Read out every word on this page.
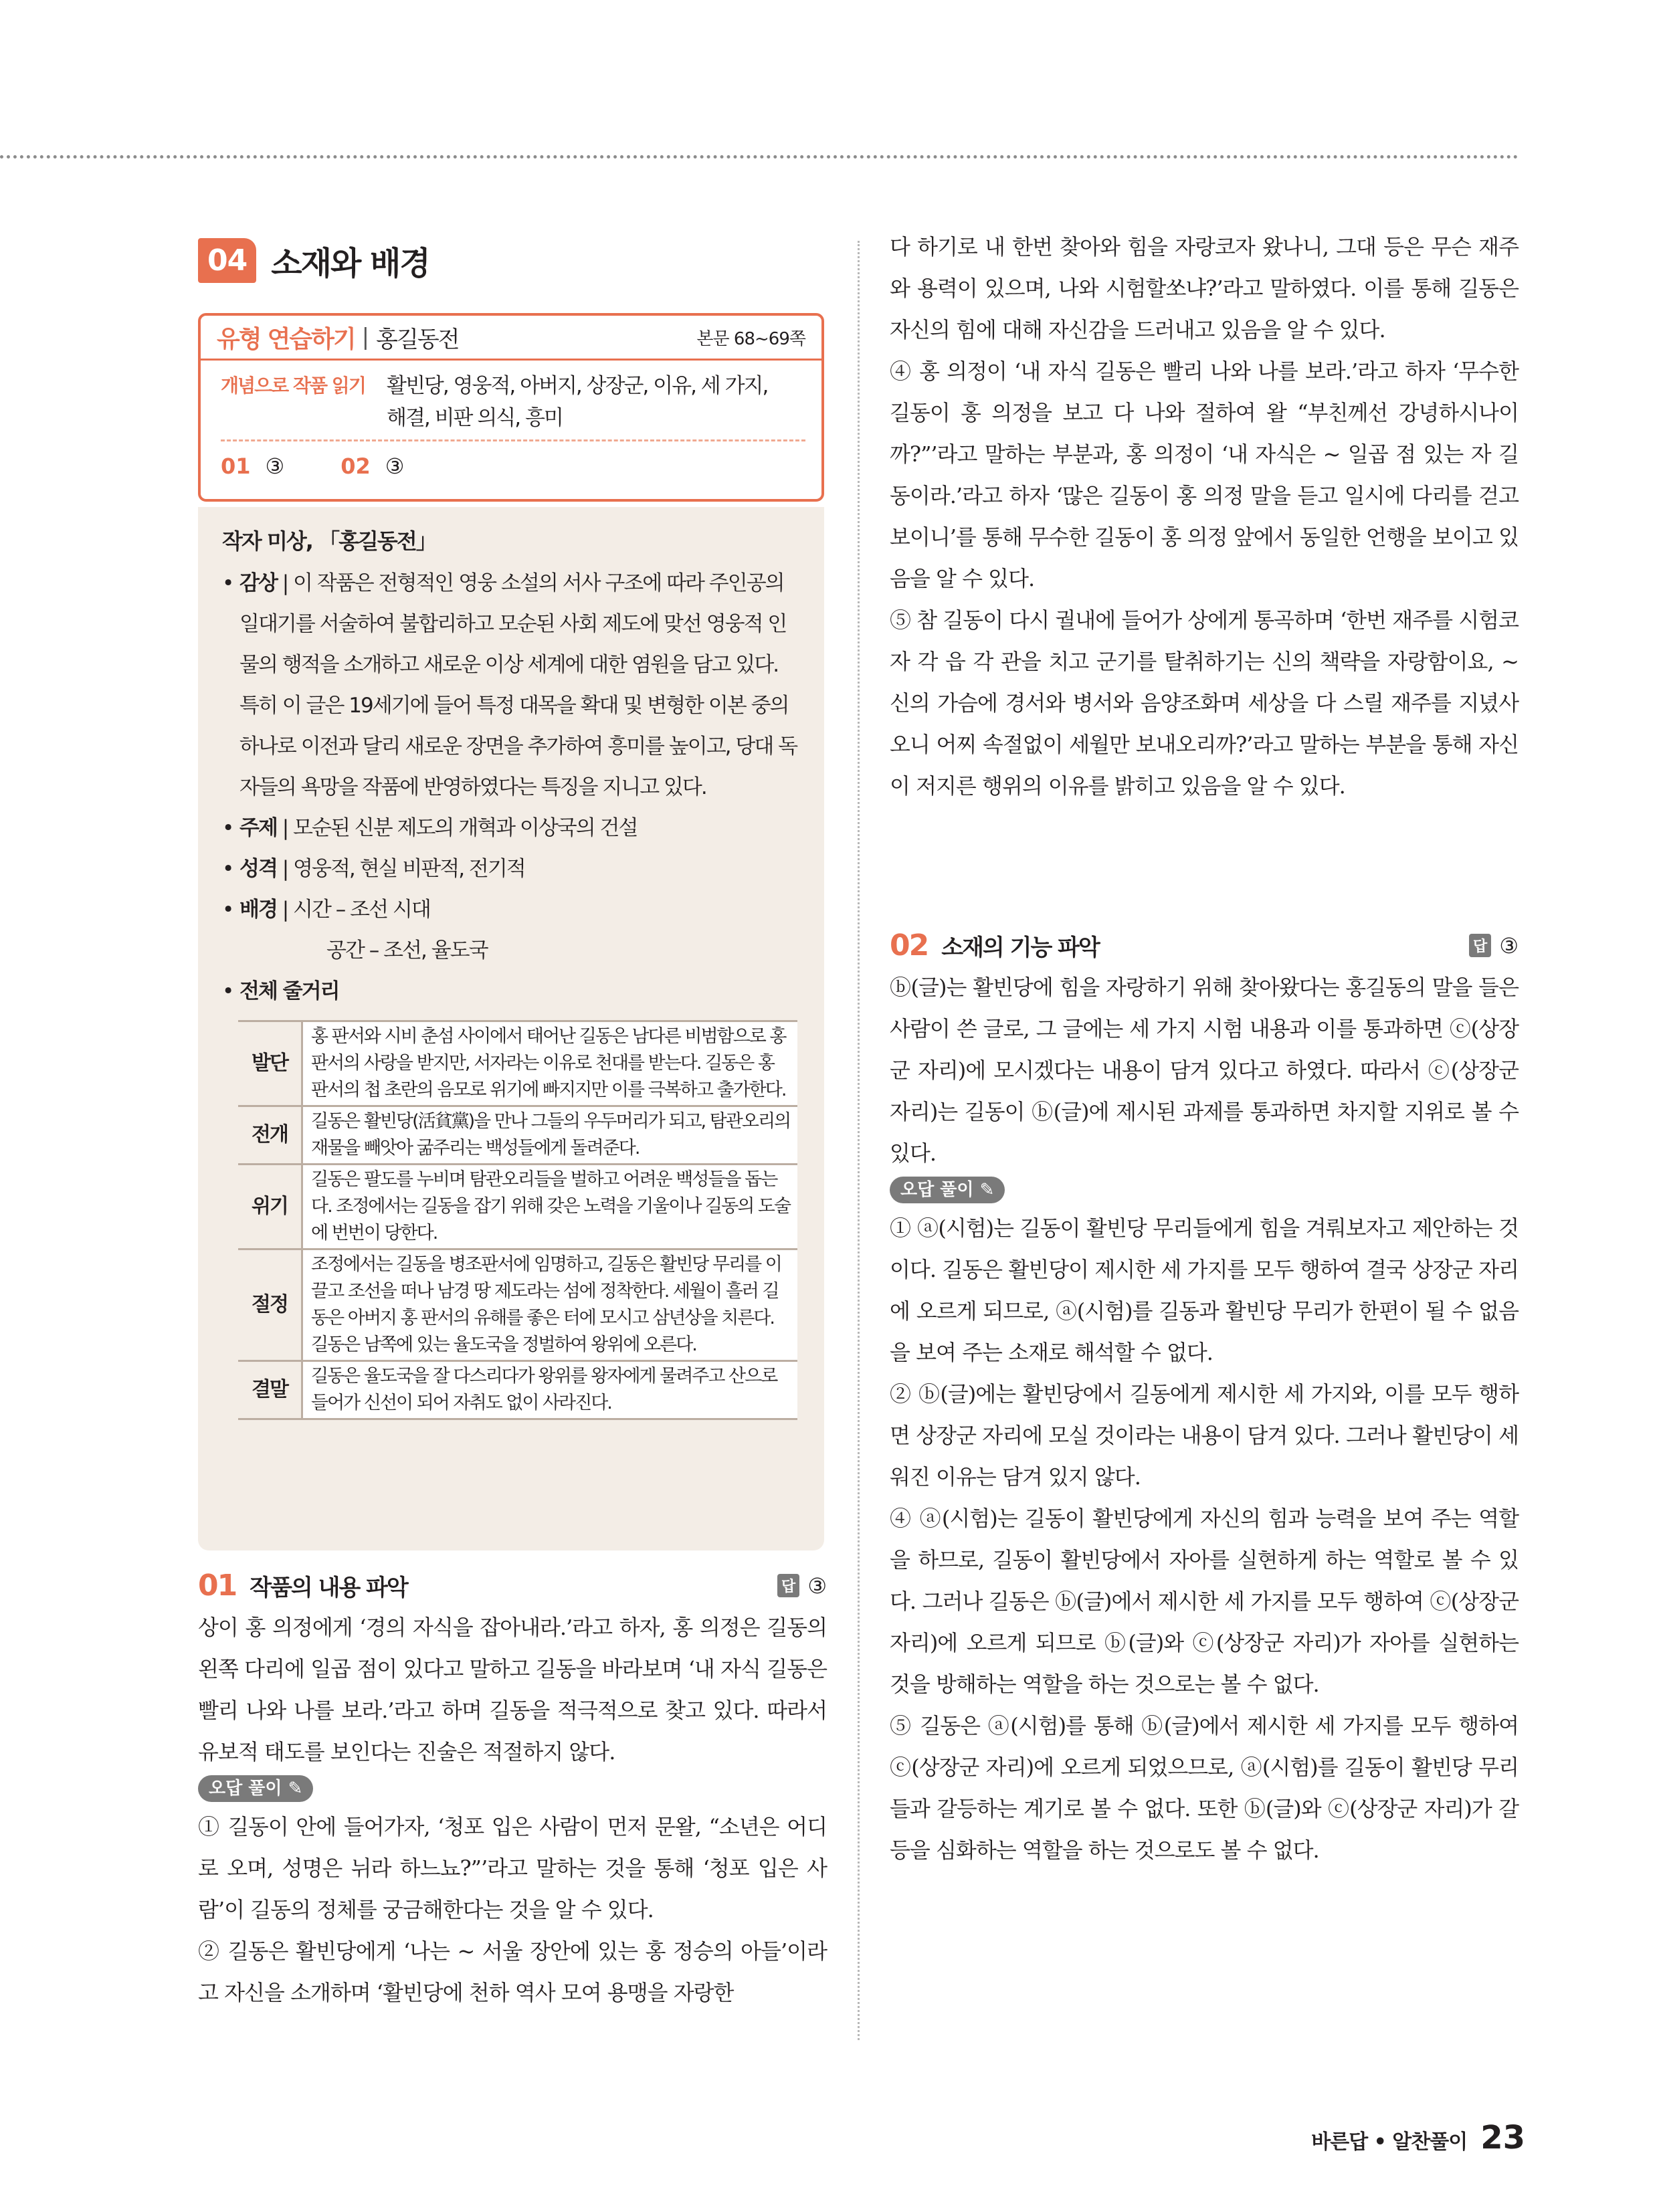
04 소재와 배경
유형 연습하기 | 홍길동전	본문 68~69쪽
개념으로 작품 읽기	활빈당, 영웅적, 아버지, 상장군, 이유, 세 가지,
해결, 비판 의식, 흥미
01 ③	02 ③
작자 미상, 「홍길동전」
• 감상 | 이 작품은 전형적인 영웅 소설의 서사 구조에 따라 주인공의 일대기를 서술하여 불합리하고 모순된 사회 제도에 맞선 영웅적 인물의 행적을 소개하고 새로운 이상 세계에 대한 염원을 담고 있다. 특히 이 글은 19세기에 들어 특정 대목을 확대 및 변형한 이본 중의 하나로 이전과 달리 새로운 장면을 추가하여 흥미를 높이고, 당대 독자들의 욕망을 작품에 반영하였다는 특징을 지니고 있다.
• 주제 | 모순된 신분 제도의 개혁과 이상국의 건설
• 성격 | 영웅적, 현실 비판적, 전기적
• 배경 | 시간 – 조선 시대
공간 – 조선, 율도국
• 전체 줄거리
발단	홍 판서와 시비 춘섬 사이에서 태어난 길동은 남다른 비범함으로 홍 판서의 사랑을 받지만, 서자라는 이유로 천대를 받는다. 길동은 홍 판서의 첩 초란의 음모로 위기에 빠지지만 이를 극복하고 출가한다.
전개	길동은 활빈당(活貧黨)을 만나 그들의 우두머리가 되고, 탐관오리의 재물을 빼앗아 굶주리는 백성들에게 돌려준다.
위기	길동은 팔도를 누비며 탐관오리들을 벌하고 어려운 백성들을 돕는다. 조정에서는 길동을 잡기 위해 갖은 노력을 기울이나 길동의 도술에 번번이 당한다.
절정	조정에서는 길동을 병조판서에 임명하고, 길동은 활빈당 무리를 이끌고 조선을 떠나 남경 땅 제도라는 섬에 정착한다. 세월이 흘러 길동은 아버지 홍 판서의 유해를 좋은 터에 모시고 삼년상을 치른다. 길동은 남쪽에 있는 율도국을 정벌하여 왕위에 오른다.
결말	길동은 율도국을 잘 다스리다가 왕위를 왕자에게 물려주고 산으로 들어가 신선이 되어 자취도 없이 사라진다.
01 작품의 내용 파악	답 ③
상이 홍 의정에게 ‘경의 자식을 잡아내라.’라고 하자, 홍 의정은 길동의 왼쪽 다리에 일곱 점이 있다고 말하고 길동을 바라보며 ‘내 자식 길동은 빨리 나와 나를 보라.’라고 하며 길동을 적극적으로 찾고 있다. 따라서 유보적 태도를 보인다는 진술은 적절하지 않다.
오답 풀이 ✎
① 길동이 안에 들어가자, ‘청포 입은 사람이 먼저 문왈, “소년은 어디로 오며, 성명은 뉘라 하느뇨?”’라고 말하는 것을 통해 ‘청포 입은 사람’이 길동의 정체를 궁금해한다는 것을 알 수 있다.
② 길동은 활빈당에게 ‘나는 ~ 서울 장안에 있는 홍 정승의 아들’이라고 자신을 소개하며 ‘활빈당에 천하 역사 모여 용맹을 자랑한
다 하기로 내 한번 찾아와 힘을 자랑코자 왔나니, 그대 등은 무슨 재주와 용력이 있으며, 나와 시험할쏘냐?’라고 말하였다. 이를 통해 길동은 자신의 힘에 대해 자신감을 드러내고 있음을 알 수 있다.
④ 홍 의정이 ‘내 자식 길동은 빨리 나와 나를 보라.’라고 하자 ‘무수한 길동이 홍 의정을 보고 다 나와 절하여 왈 “부친께선 강녕하시나이까?”’라고 말하는 부분과, 홍 의정이 ‘내 자식은 ~ 일곱 점 있는 자 길동이라.’라고 하자 ‘많은 길동이 홍 의정 말을 듣고 일시에 다리를 걷고 보이니’를 통해 무수한 길동이 홍 의정 앞에서 동일한 언행을 보이고 있음을 알 수 있다.
⑤ 참 길동이 다시 궐내에 들어가 상에게 통곡하며 ‘한번 재주를 시험코자 각 읍 각 관을 치고 군기를 탈취하기는 신의 책략을 자랑함이요, ~ 신의 가슴에 경서와 병서와 음양조화며 세상을 다 스릴 재주를 지녔사오니 어찌 속절없이 세월만 보내오리까?’라고 말하는 부분을 통해 자신이 저지른 행위의 이유를 밝히고 있음을 알 수 있다.
02 소재의 기능 파악	답 ③
ⓑ(글)는 활빈당에 힘을 자랑하기 위해 찾아왔다는 홍길동의 말을 들은 사람이 쓴 글로, 그 글에는 세 가지 시험 내용과 이를 통과하면 ⓒ(상장군 자리)에 모시겠다는 내용이 담겨 있다고 하였다. 따라서 ⓒ(상장군 자리)는 길동이 ⓑ(글)에 제시된 과제를 통과하면 차지할 지위로 볼 수 있다.
오답 풀이 ✎
① ⓐ(시험)는 길동이 활빈당 무리들에게 힘을 겨뤄보자고 제안하는 것이다. 길동은 활빈당이 제시한 세 가지를 모두 행하여 결국 상장군 자리에 오르게 되므로, ⓐ(시험)를 길동과 활빈당 무리가 한편이 될 수 없음을 보여 주는 소재로 해석할 수 없다.
② ⓑ(글)에는 활빈당에서 길동에게 제시한 세 가지와, 이를 모두 행하면 상장군 자리에 모실 것이라는 내용이 담겨 있다. 그러나 활빈당이 세워진 이유는 담겨 있지 않다.
④ ⓐ(시험)는 길동이 활빈당에게 자신의 힘과 능력을 보여 주는 역할을 하므로, 길동이 활빈당에서 자아를 실현하게 하는 역할로 볼 수 있다. 그러나 길동은 ⓑ(글)에서 제시한 세 가지를 모두 행하여 ⓒ(상장군 자리)에 오르게 되므로 ⓑ(글)와 ⓒ(상장군 자리)가 자아를 실현하는 것을 방해하는 역할을 하는 것으로는 볼 수 없다.
⑤ 길동은 ⓐ(시험)를 통해 ⓑ(글)에서 제시한 세 가지를 모두 행하여 ⓒ(상장군 자리)에 오르게 되었으므로, ⓐ(시험)를 길동이 활빈당 무리들과 갈등하는 계기로 볼 수 없다. 또한 ⓑ(글)와 ⓒ(상장군 자리)가 갈등을 심화하는 역할을 하는 것으로도 볼 수 없다.
바른답 • 알찬풀이 23
